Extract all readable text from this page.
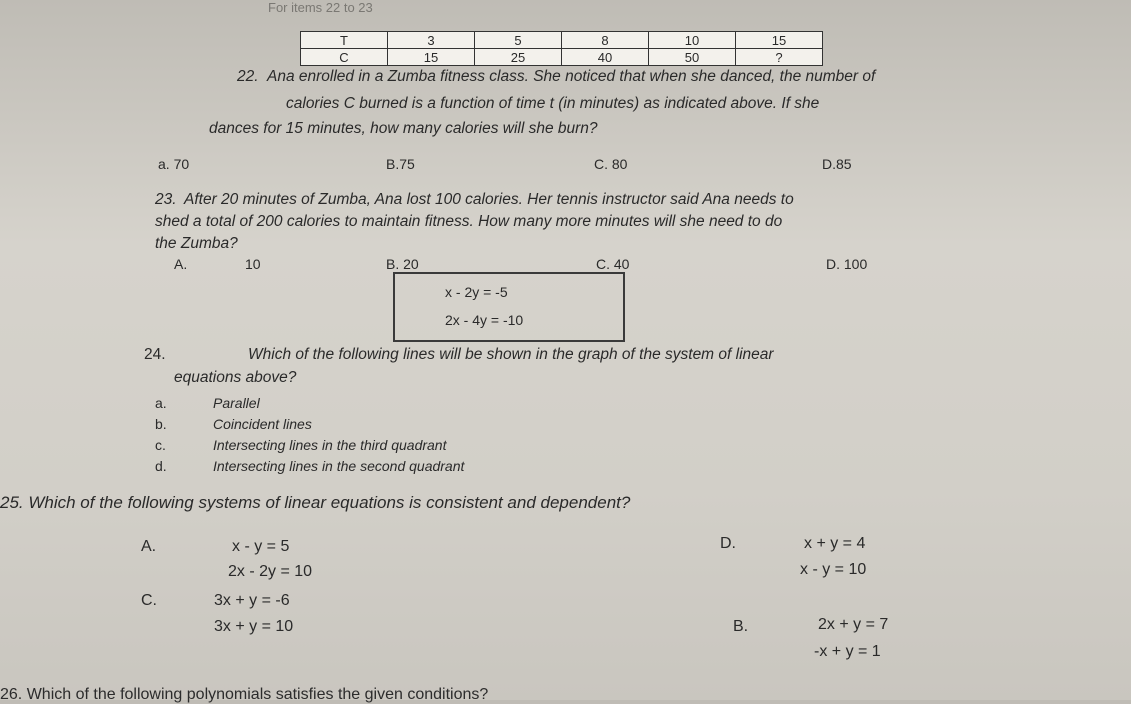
For items 22 to 23
T	3	5	8	10	15
C	15	25	40	50	?
22. Ana enrolled in a Zumba fitness class. She noticed that when she danced, the number of
calories C burned is a function of time t (in minutes) as indicated above. If she
dances for 15 minutes, how many calories will she burn?
a. 70	B.75	C. 80	D.85
23. After 20 minutes of Zumba, Ana lost 100 calories. Her tennis instructor said Ana needs to
shed a total of 200 calories to maintain fitness. How many more minutes will she need to do
the Zumba?
A.	10	B. 20	C. 40	D. 100
x - 2y = -5
2x - 4y = -10
24.	Which of the following lines will be shown in the graph of the system of linear
equations above?
a.	Parallel
b.	Coincident lines
c.	Intersecting lines in the third quadrant
d.	Intersecting lines in the second quadrant
25. Which of the following systems of linear equations is consistent and dependent?
A.	x - y = 5
2x - 2y = 10
C.	3x + y = -6
3x + y = 10
D.	x + y = 4
x - y = 10
B.	2x + y = 7
-x + y = 1
26. Which of the following polynomials satisfies the given conditions?
